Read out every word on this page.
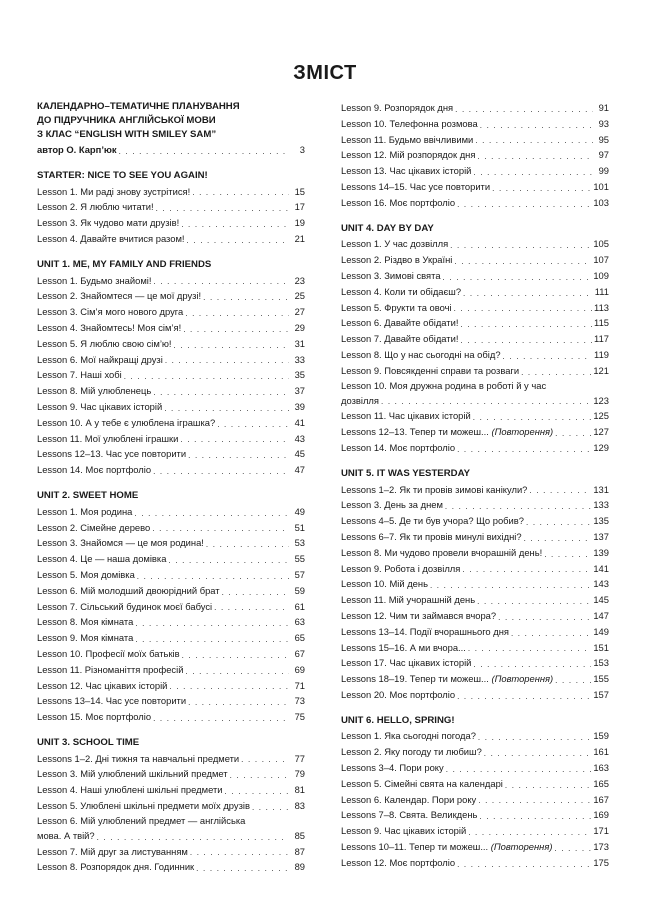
ЗМІСТ
КАЛЕНДАРНО–ТЕМАТИЧНЕ ПЛАНУВАННЯ
ДО ПІДРУЧНИКА АНГЛІЙСЬКОЇ МОВИ
З КЛАС “ENGLISH WITH SMILEY SAM”
автор О. Карп’юк . . .	3
STARTER: NICE TO SEE YOU AGAIN!
Lesson 1. Ми раді знову зустрітися! . . .	15
Lesson 2. Я люблю читати! . . .	17
Lesson 3. Як чудово мати друзів! . . .	19
Lesson 4. Давайте вчитися разом! . . .	21
UNIT 1. ME, MY FAMILY AND FRIENDS
Lesson 1. Будьмо знайомі! . . .	23
Lesson 2. Знайомтеся — це мої друзі! . . .	25
Lesson 3. Сім’я мого нового друга . . .	27
Lesson 4. Знайомтесь! Моя сім’я! . . .	29
Lesson 5. Я люблю свою сім’ю! . . .	31
Lesson 6. Мої найкращі друзі . . .	33
Lesson 7. Наші хобі . . .	35
Lesson 8. Мій улюбленець . . .	37
Lesson 9. Час цікавих історій . . .	39
Lesson 10. А у тебе є улюблена іграшка? . . .	41
Lesson 11. Мої улюблені іграшки . . .	43
Lessons 12–13. Час усе повторити . . .	45
Lesson 14. Моє портфоліо . . .	47
UNIT 2. SWEET HOME
Lesson 1. Моя родина . . .	49
Lesson 2. Сімейне дерево . . .	51
Lesson 3. Знайомся — це моя родина! . . .	53
Lesson 4. Це — наша домівка . . .	55
Lesson 5. Моя домівка . . .	57
Lesson 6. Мій молодший двоюрідний брат . . .	59
Lesson 7. Сільський будинок моєї бабусі . . .	61
Lesson 8. Моя кімната . . .	63
Lesson 9. Моя кімната . . .	65
Lesson 10. Професії моїх батьків . . .	67
Lesson 11. Різноманіття професій . . .	69
Lesson 12. Час цікавих історій . . .	71
Lessons 13–14. Час усе повторити . . .	73
Lesson 15. Моє портфоліо . . .	75
UNIT 3. SCHOOL TIME
Lessons 1–2. Дні тижня та навчальні предмети . . .	77
Lesson 3. Мій улюблений шкільний предмет . . .	79
Lesson 4. Наші улюблені шкільні предмети . . .	81
Lesson 5. Улюблені шкільні предмети моїх друзів . . .	83
Lesson 6. Мій улюблений предмет — англійська
мова. А твій? . . .	85
Lesson 7. Мій друг за листуванням . . .	87
Lesson 8. Розпорядок дня. Годинник . . .	89
Lesson 9. Розпорядок дня . . .	91
Lesson 10. Телефонна розмова . . .	93
Lesson 11. Будьмо ввічливими . . .	95
Lesson 12. Мій розпорядок дня . . .	97
Lesson 13. Час цікавих історій . . .	99
Lessons 14–15. Час усе повторити . . .	101
Lesson 16. Моє портфоліо . . .	103
UNIT 4. DAY BY DAY
Lesson 1. У час дозвілля . . .	105
Lesson 2. Різдво в Україні . . .	107
Lesson 3. Зимові свята . . .	109
Lesson 4. Коли ти обідаєш? . . .	111
Lesson 5. Фрукти та овочі . . .	113
Lesson 6. Давайте обідати! . . .	115
Lesson 7. Давайте обідати! . . .	117
Lesson 8. Що у нас сьогодні на обід? . . .	119
Lesson 9. Повсякденні справи та розваги . . .	121
Lesson 10. Моя дружна родина в роботі й у час
дозвілля . . .	123
Lesson 11. Час цікавих історій . . .	125
Lessons 12–13. Тепер ти можеш... (Повторення) . . .	127
Lesson 14. Моє портфоліо . . .	129
UNIT 5. IT WAS YESTERDAY
Lessons 1–2. Як ти провів зимові канікули? . . .	131
Lesson 3. День за днем . . .	133
Lessons 4–5. Де ти був учора? Що робив? . . .	135
Lessons 6–7. Як ти провів минулі вихідні? . . .	137
Lesson 8. Ми чудово провели вчорашній день! . . .	139
Lesson 9. Робота і дозвілля . . .	141
Lesson 10. Мій день . . .	143
Lesson 11. Мій учорашній день . . .	145
Lesson 12. Чим ти займався вчора? . . .	147
Lessons 13–14. Події вчорашнього дня . . .	149
Lessons 15–16. А ми вчора... . . .	151
Lesson 17. Час цікавих історій . . .	153
Lessons 18–19. Тепер ти можеш... (Повторення) . . .	155
Lesson 20. Моє портфоліо . . .	157
UNIT 6. HELLO, SPRING!
Lesson 1. Яка сьогодні погода? . . .	159
Lesson 2. Яку погоду ти любиш? . . .	161
Lessons 3–4. Пори року . . .	163
Lesson 5. Сімейні свята на календарі . . .	165
Lesson 6. Календар. Пори року . . .	167
Lessons 7–8. Свята. Великдень . . .	169
Lesson 9. Час цікавих історій . . .	171
Lessons 10–11. Тепер ти можеш... (Повторення) . . .	173
Lesson 12. Моє портфоліо . . .	175
